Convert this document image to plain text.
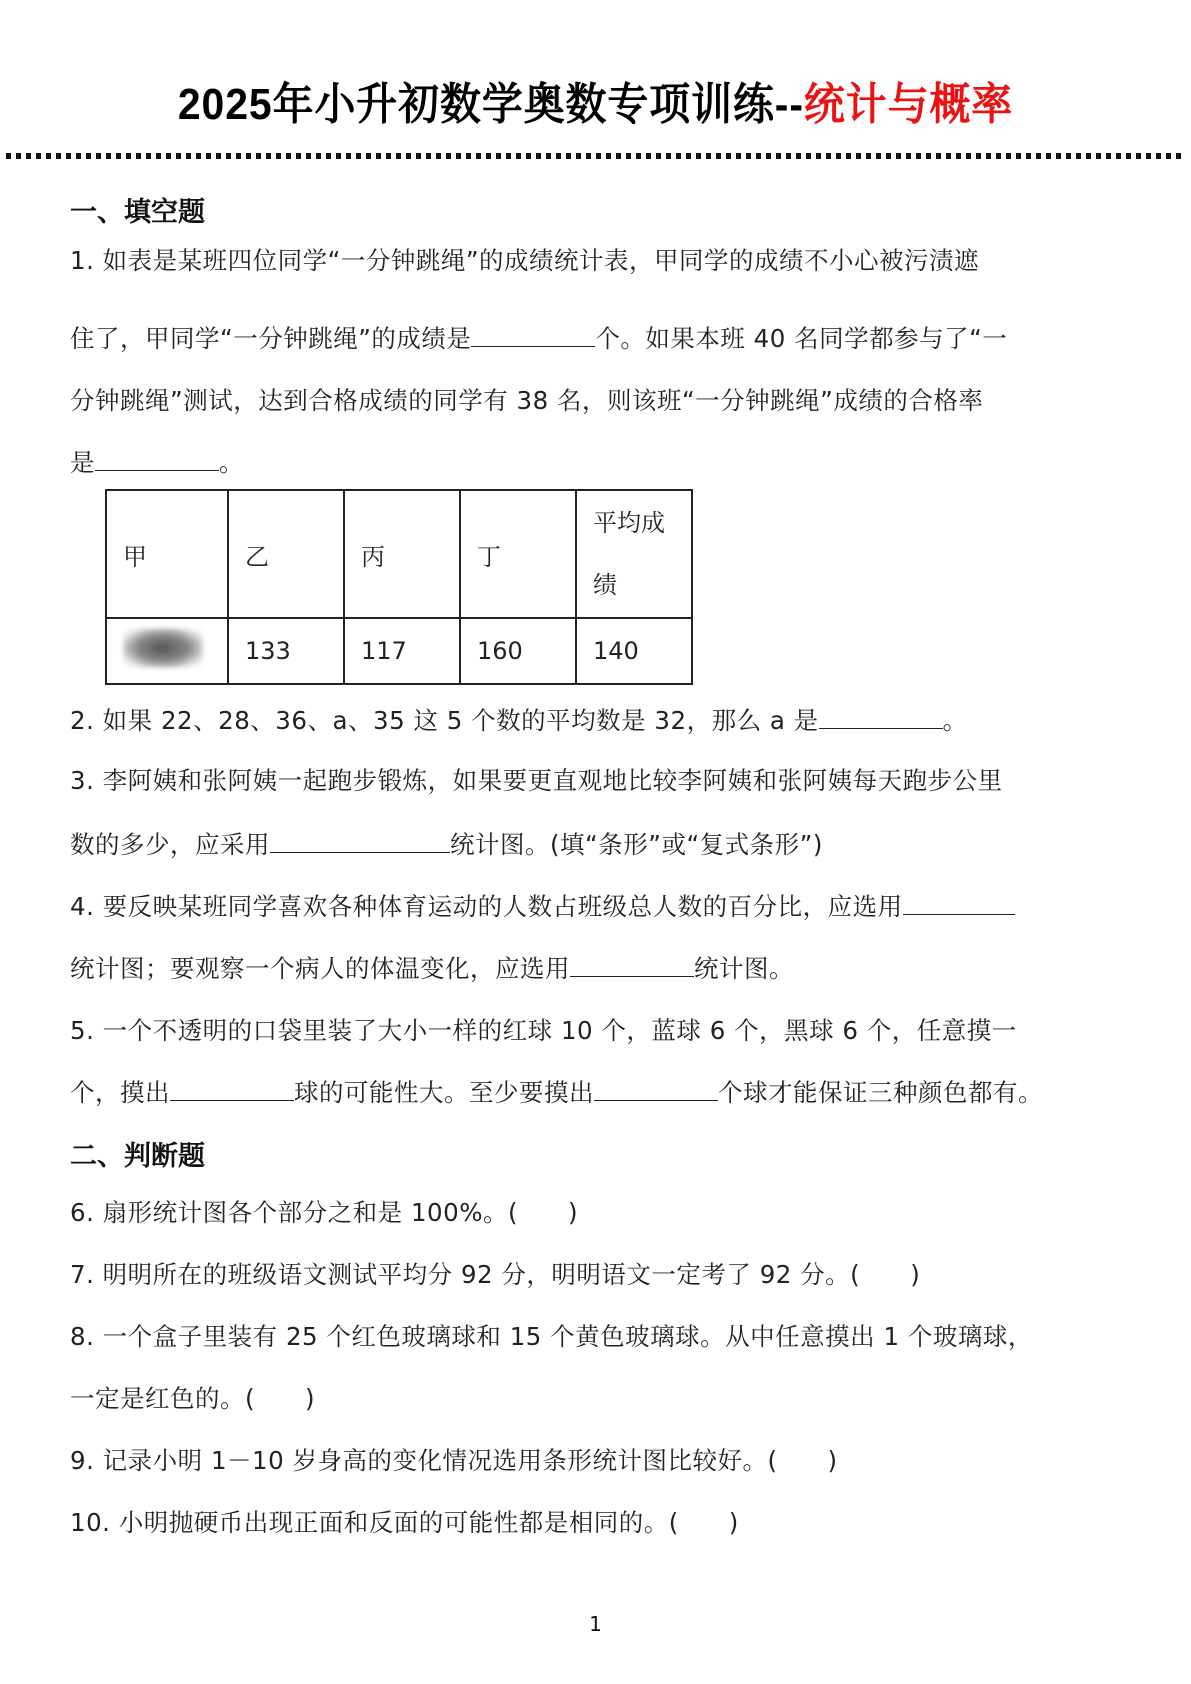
2025年小升初数学奥数专项训练--统计与概率
一、填空题
1. 如表是某班四位同学“一分钟跳绳”的成绩统计表，甲同学的成绩不小心被污渍遮
住了，甲同学“一分钟跳绳”的成绩是	个。如果本班 40 名同学都参与了“一
分钟跳绳”测试，达到合格成绩的同学有 38 名，则该班“一分钟跳绳”成绩的合格率
是	。
甲	乙	丙	丁	平均成绩

	133	117	160	140
2. 如果 22、28、36、a、35 这 5 个数的平均数是 32，那么 a 是	。
3. 李阿姨和张阿姨一起跑步锻炼，如果要更直观地比较李阿姨和张阿姨每天跑步公里
数的多少，应采用	统计图。(填“条形”或“复式条形”)
4. 要反映某班同学喜欢各种体育运动的人数占班级总人数的百分比，应选用
统计图；要观察一个病人的体温变化，应选用	统计图。
5. 一个不透明的口袋里装了大小一样的红球 10 个，蓝球 6 个，黑球 6 个，任意摸一
个，摸出	球的可能性大。至少要摸出	个球才能保证三种颜色都有。
二、判断题
6. 扇形统计图各个部分之和是 100%。(　　)
7. 明明所在的班级语文测试平均分 92 分，明明语文一定考了 92 分。(　　)
8. 一个盒子里装有 25 个红色玻璃球和 15 个黄色玻璃球。从中任意摸出 1 个玻璃球，
一定是红色的。(　　)
9. 记录小明 1－10 岁身高的变化情况选用条形统计图比较好。(　　)
10. 小明抛硬币出现正面和反面的可能性都是相同的。(　　)
1
